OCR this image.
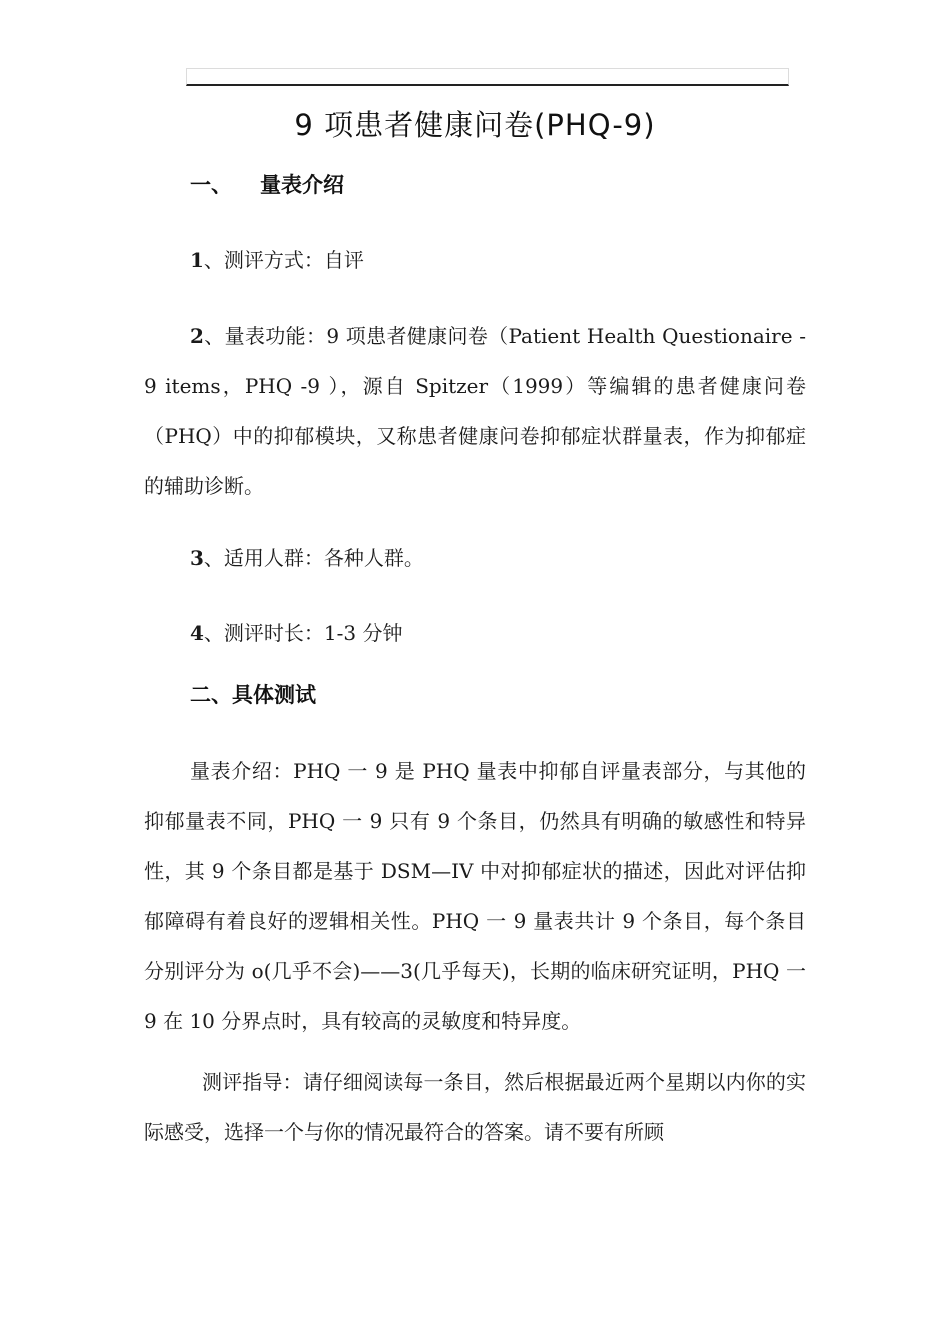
9 项患者健康问卷(PHQ-9)
一、 量表介绍
1、测评方式：自评
2、量表功能：9 项患者健康问卷（Patient Health Questionaire - 9 items，PHQ -9 ），源自 Spitzer（1999）等编辑的患者健康问卷（PHQ）中的抑郁模块，又称患者健康问卷抑郁症状群量表，作为抑郁症的辅助诊断。
3、适用人群：各种人群。
4、测评时长：1-3 分钟
二、具体测试
量表介绍：PHQ 一 9 是 PHQ 量表中抑郁自评量表部分，与其他的抑郁量表不同，PHQ 一 9 只有 9 个条目，仍然具有明确的敏感性和特异性，其 9 个条目都是基于 DSM—IV 中对抑郁症状的描述，因此对评估抑郁障碍有着良好的逻辑相关性。PHQ 一 9 量表共计 9 个条目，每个条目分别评分为 o(几乎不会)——3(几乎每天)，长期的临床研究证明，PHQ 一 9 在 10 分界点时，具有较高的灵敏度和特异度。
测评指导：请仔细阅读每一条目，然后根据最近两个星期以内你的实际感受，选择一个与你的情况最符合的答案。请不要有所顾
